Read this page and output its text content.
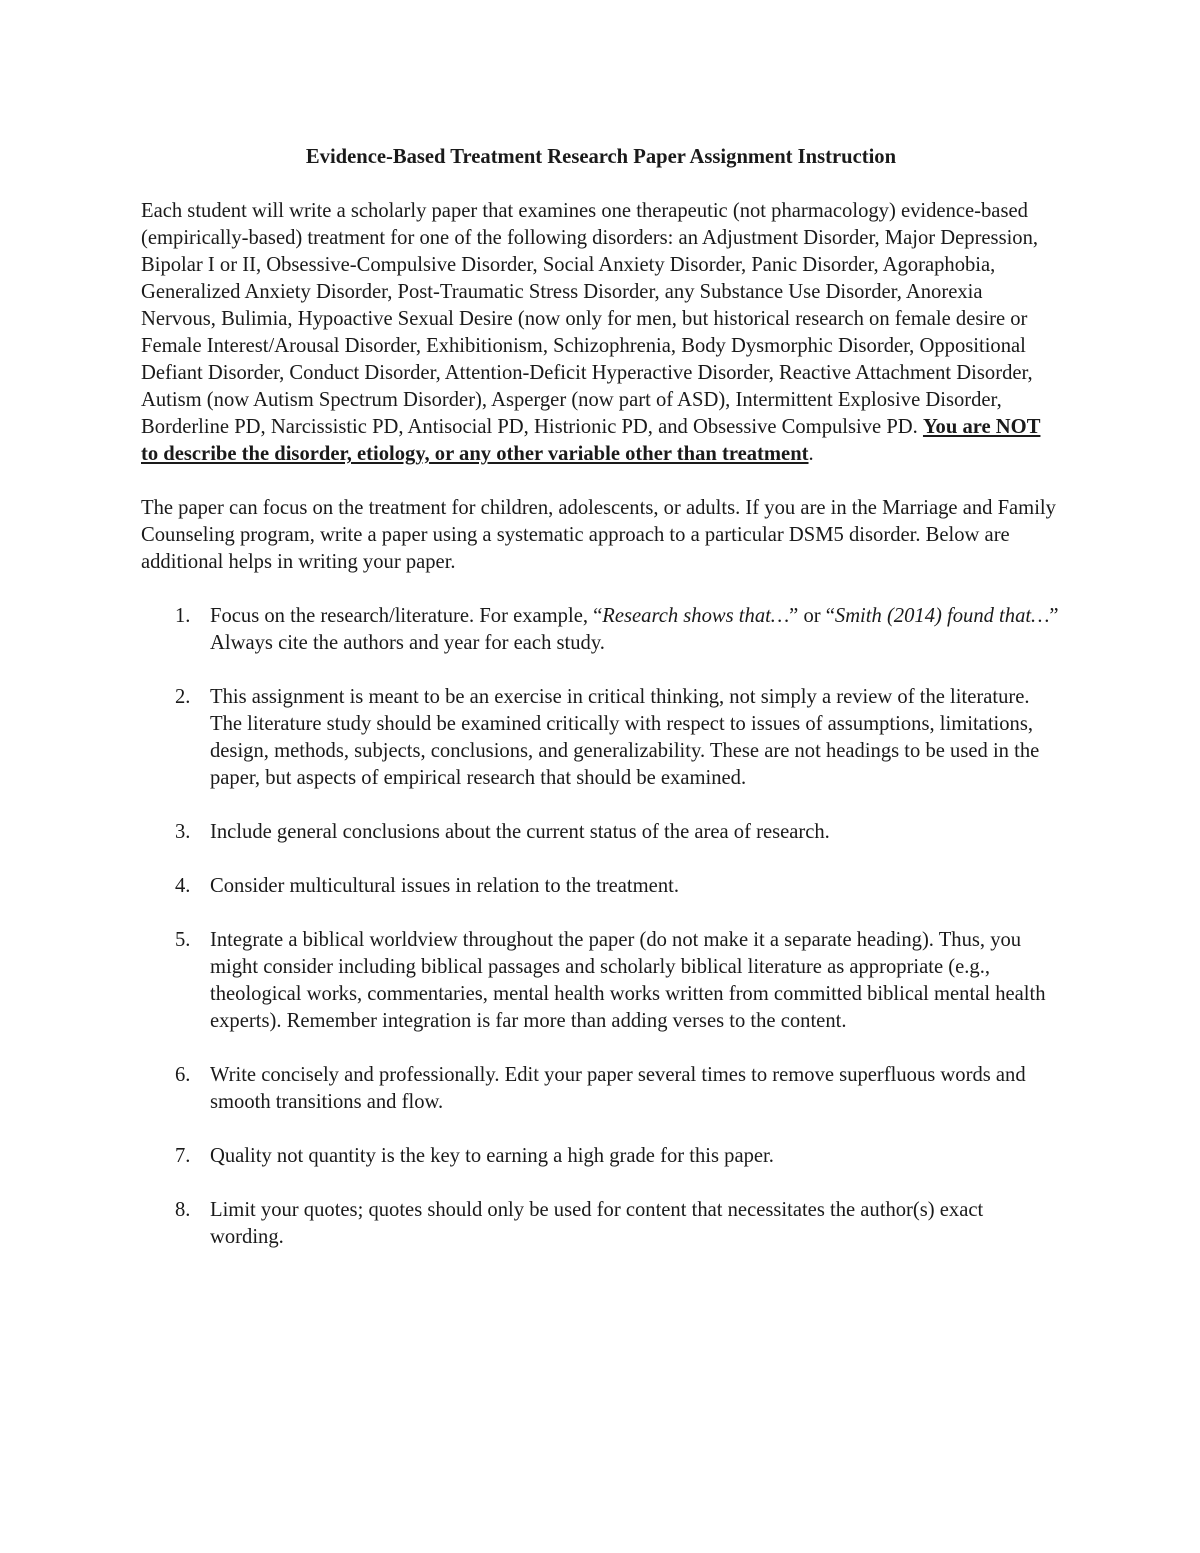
Evidence-Based Treatment Research Paper Assignment Instruction

Each student will write a scholarly paper that examines one therapeutic (not pharmacology) evidence-based (empirically-based) treatment for one of the following disorders: an Adjustment Disorder, Major Depression, Bipolar I or II, Obsessive-Compulsive Disorder, Social Anxiety Disorder, Panic Disorder, Agoraphobia, Generalized Anxiety Disorder, Post-Traumatic Stress Disorder, any Substance Use Disorder, Anorexia Nervous, Bulimia, Hypoactive Sexual Desire (now only for men, but historical research on female desire or Female Interest/Arousal Disorder, Exhibitionism, Schizophrenia, Body Dysmorphic Disorder, Oppositional Defiant Disorder, Conduct Disorder, Attention-Deficit Hyperactive Disorder, Reactive Attachment Disorder, Autism (now Autism Spectrum Disorder), Asperger (now part of ASD), Intermittent Explosive Disorder, Borderline PD, Narcissistic PD, Antisocial PD, Histrionic PD, and Obsessive Compulsive PD. You are NOT to describe the disorder, etiology, or any other variable other than treatment.

The paper can focus on the treatment for children, adolescents, or adults. If you are in the Marriage and Family Counseling program, write a paper using a systematic approach to a particular DSM5 disorder. Below are additional helps in writing your paper.

1. Focus on the research/literature. For example, “Research shows that…” or “Smith (2014) found that…” Always cite the authors and year for each study.
2. This assignment is meant to be an exercise in critical thinking, not simply a review of the literature. The literature study should be examined critically with respect to issues of assumptions, limitations, design, methods, subjects, conclusions, and generalizability. These are not headings to be used in the paper, but aspects of empirical research that should be examined.
3. Include general conclusions about the current status of the area of research.
4. Consider multicultural issues in relation to the treatment.
5. Integrate a biblical worldview throughout the paper (do not make it a separate heading). Thus, you might consider including biblical passages and scholarly biblical literature as appropriate (e.g., theological works, commentaries, mental health works written from committed biblical mental health experts). Remember integration is far more than adding verses to the content.
6. Write concisely and professionally. Edit your paper several times to remove superfluous words and smooth transitions and flow.
7. Quality not quantity is the key to earning a high grade for this paper.
8. Limit your quotes; quotes should only be used for content that necessitates the author(s) exact wording.
